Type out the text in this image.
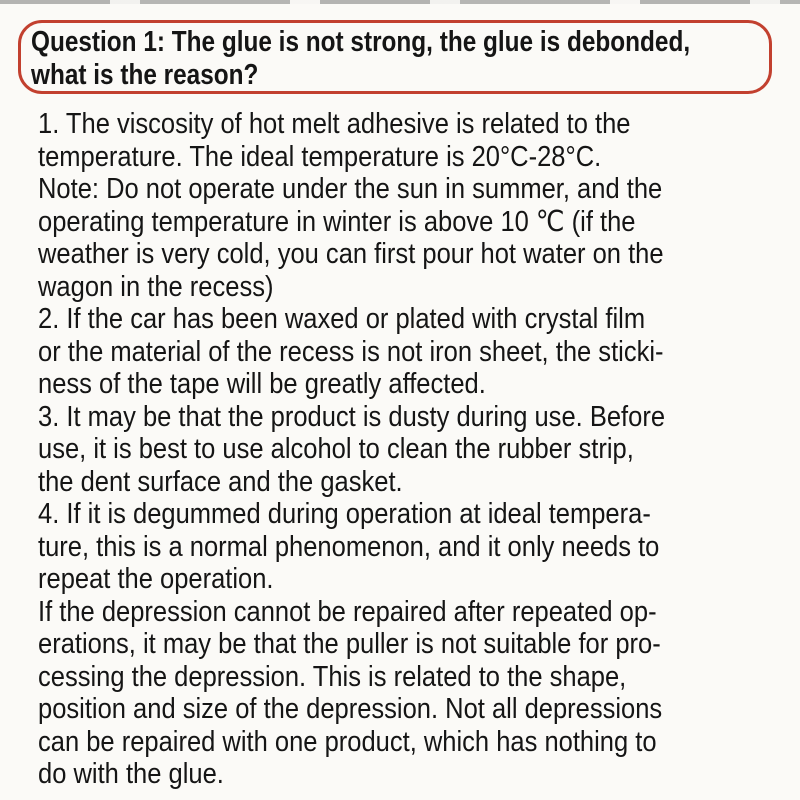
Question 1: The glue is not strong, the glue is debonded,
what is the reason?
1. The viscosity of hot melt adhesive is related to the
temperature. The ideal temperature is 20°C-28°C.
Note: Do not operate under the sun in summer, and the
operating temperature in winter is above 10 ℃ (if the
weather is very cold, you can first pour hot water on the
wagon in the recess)
2. If the car has been waxed or plated with crystal film
or the material of the recess is not iron sheet, the sticki-
ness of the tape will be greatly affected.
3. It may be that the product is dusty during use. Before
use, it is best to use alcohol to clean the rubber strip,
the dent surface and the gasket.
4. If it is degummed during operation at ideal tempera-
ture, this is a normal phenomenon, and it only needs to
repeat the operation.
If the depression cannot be repaired after repeated op-
erations, it may be that the puller is not suitable for pro-
cessing the depression. This is related to the shape,
position and size of the depression. Not all depressions
can be repaired with one product, which has nothing to
do with the glue.
